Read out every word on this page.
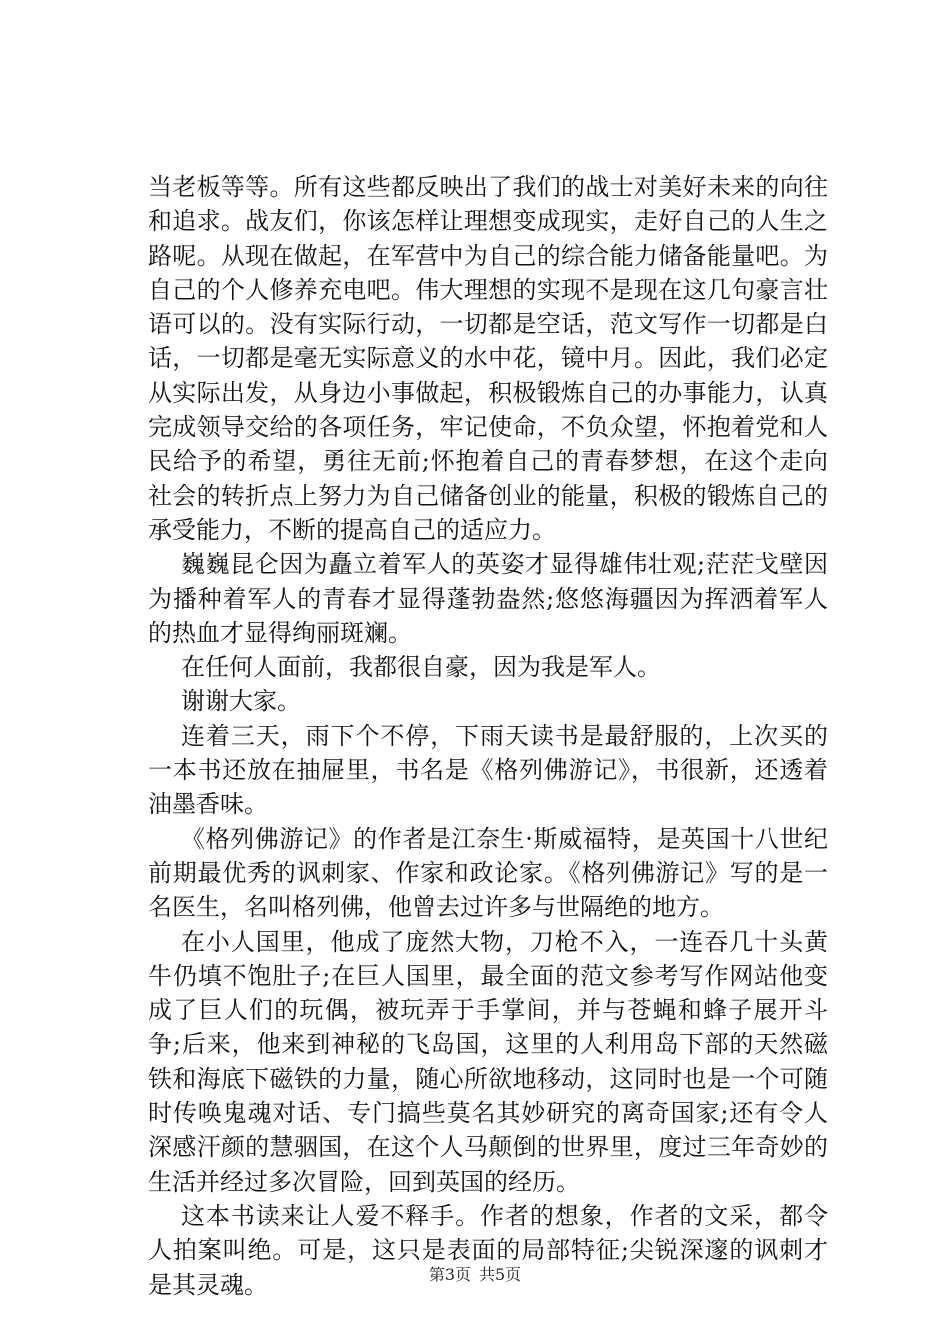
当老板等等。所有这些都反映出了我们的战士对美好未来的向往和追求。战友们，你该怎样让理想变成现实，走好自己的人生之路呢。从现在做起，在军营中为自己的综合能力储备能量吧。为自己的个人修养充电吧。伟大理想的实现不是现在这几句豪言壮语可以的。没有实际行动，一切都是空话，范文写作一切都是白话，一切都是毫无实际意义的水中花，镜中月。因此，我们必定从实际出发，从身边小事做起，积极锻炼自己的办事能力，认真完成领导交给的各项任务，牢记使命，不负众望，怀抱着党和人民给予的希望，勇往无前;怀抱着自己的青春梦想，在这个走向社会的转折点上努力为自己储备创业的能量，积极的锻炼自己的承受能力，不断的提高自己的适应力。

巍巍昆仑因为矗立着军人的英姿才显得雄伟壮观;茫茫戈壁因为播种着军人的青春才显得蓬勃盎然;悠悠海疆因为挥洒着军人的热血才显得绚丽斑斓。

在任何人面前，我都很自豪，因为我是军人。

谢谢大家。

连着三天，雨下个不停，下雨天读书是最舒服的，上次买的一本书还放在抽屉里，书名是《格列佛游记》，书很新，还透着油墨香味。

《格列佛游记》的作者是江奈生·斯威福特，是英国十八世纪前期最优秀的讽刺家、作家和政论家。《格列佛游记》写的是一名医生，名叫格列佛，他曾去过许多与世隔绝的地方。

在小人国里，他成了庞然大物，刀枪不入，一连吞几十头黄牛仍填不饱肚子;在巨人国里，最全面的范文参考写作网站他变成了巨人们的玩偶，被玩弄于手掌间，并与苍蝇和蜂子展开斗争;后来，他来到神秘的飞岛国，这里的人利用岛下部的天然磁铁和海底下磁铁的力量，随心所欲地移动，这同时也是一个可随时传唤鬼魂对话、专门搞些莫名其妙研究的离奇国家;还有令人深感汗颜的慧骃国，在这个人马颠倒的世界里，度过三年奇妙的生活并经过多次冒险，回到英国的经历。

这本书读来让人爱不释手。作者的想象，作者的文采，都令人拍案叫绝。可是，这只是表面的局部特征;尖锐深邃的讽刺才是其灵魂。	第3页 共5页
